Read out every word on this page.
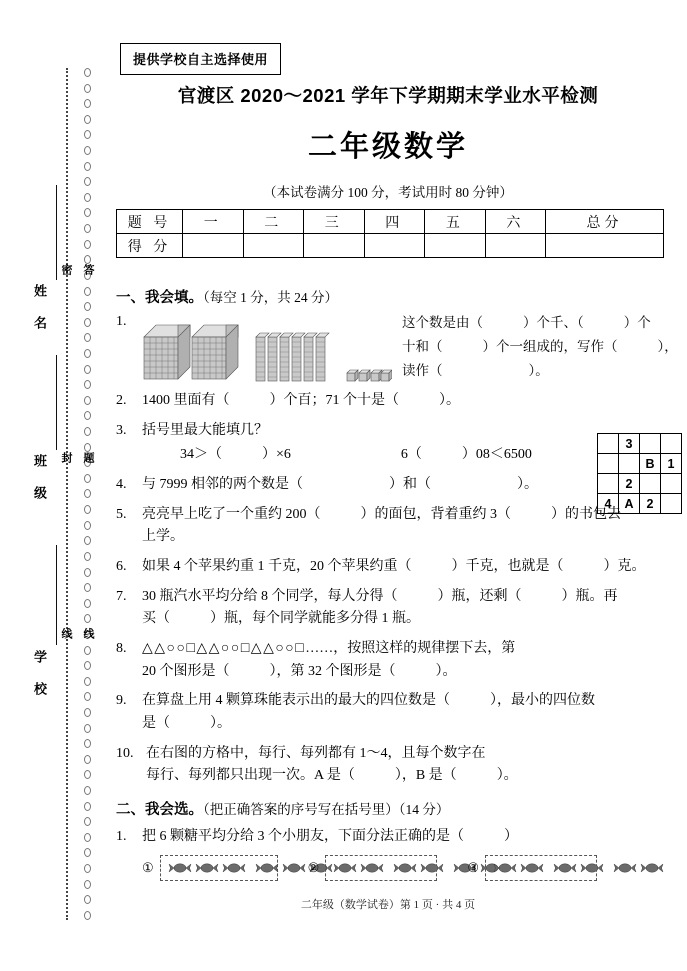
姓 名
班 级
学 校
密 答
封 题
线 线
提供学校自主选择使用
官渡区 2020～2021 学年下学期期末学业水平检测
二年级数学
（本试卷满分 100 分，考试用时 80 分钟）
题 号	一	二	三	四	五	六	总分
得 分							
一、我会填。（每空 1 分，共 24 分）
1.	这个数是由（	）个千、（	）个
十和（	）个一组成的，写作（	），
读作（	）。
2.	1400 里面有（	）个百；71 个十是（	）。
3.	括号里最大能填几？
34＞（	）×6	6（	）08＜6500
4.	与 7999 相邻的两个数是（	）和（	）。
5.	亮亮早上吃了一个重约 200（	）的面包，背着重约 3（	）的书包去
上学。
6.	如果 4 个苹果约重 1 千克，20 个苹果约重（	）千克，也就是（	）克。
7.	30 瓶汽水平均分给 8 个同学，每人分得（	）瓶，还剩（	）瓶。再
买（	）瓶，每个同学就能多分得 1 瓶。
8.	△△○○□△△○○□△△○○□……，按照这样的规律摆下去，第
20 个图形是（	），第 32 个图形是（	）。
9.	在算盘上用 4 颗算珠能表示出的最大的四位数是（	），最小的四位数
是（	）。
10. 在右图的方格中，每行、每列都有 1～4，且每个数字在
每行、每列都只出现一次。A 是（	），B 是（	）。
二、我会选。（把正确答案的序号写在括号里）（14 分）
1.	把 6 颗糖平均分给 3 个小朋友，下面分法正确的是（	）
①	②	③
	3		
		B	1
	2		
4	A	2	
二年级（数学试卷）第 1 页 · 共 4 页
